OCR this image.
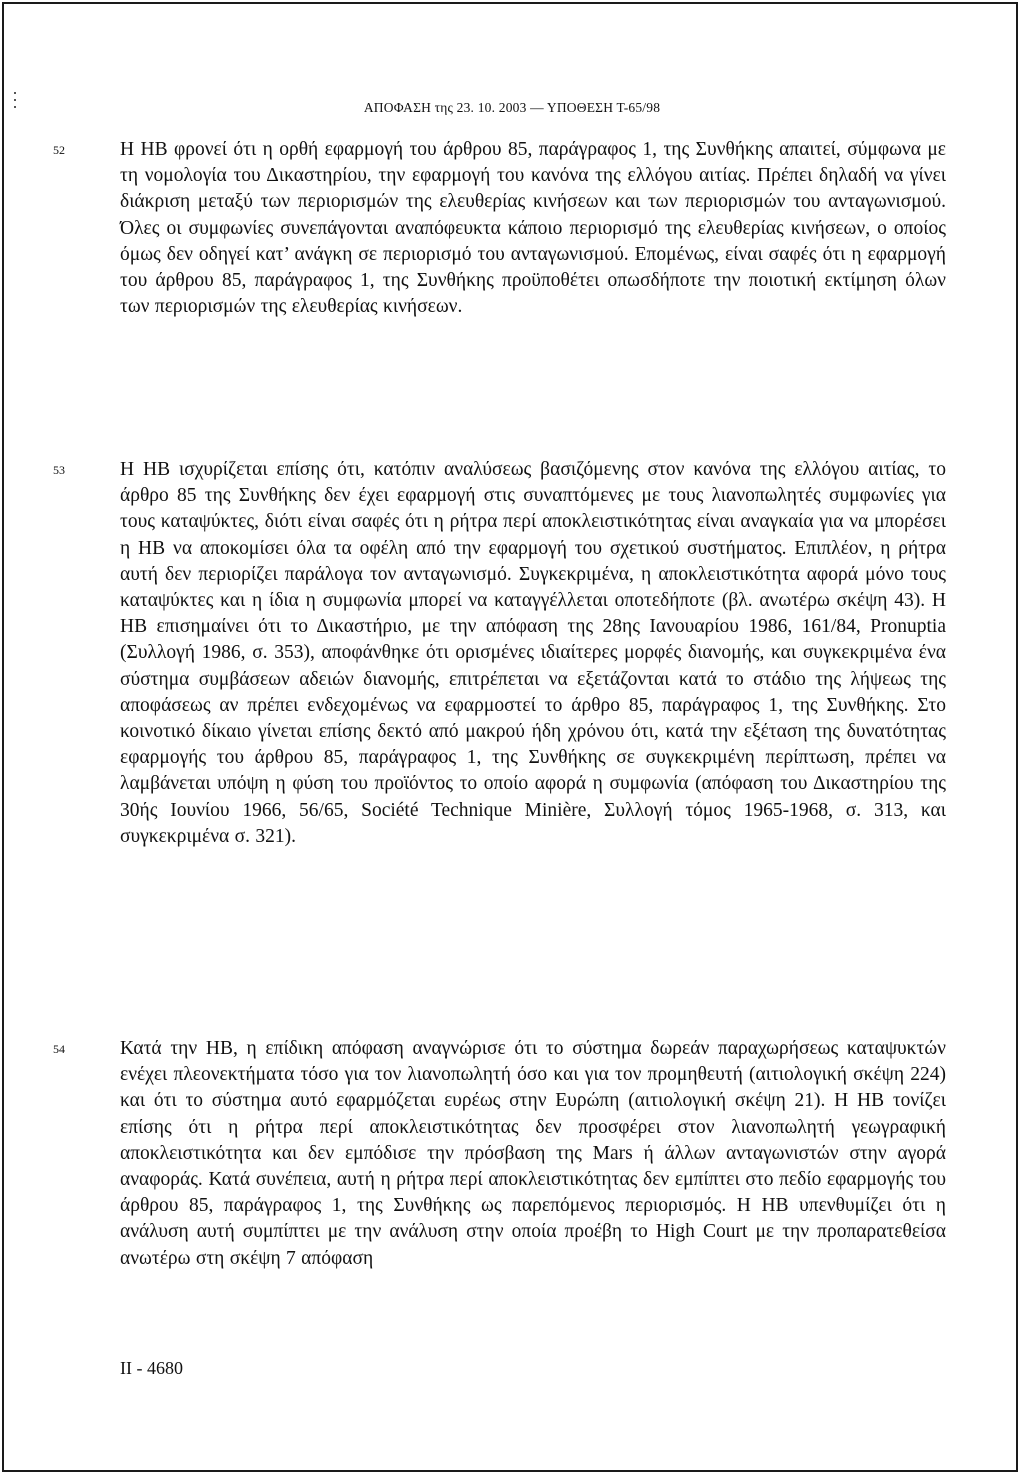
ΑΠΟΦΑΣΗ της 23. 10. 2003 — ΥΠΟΘΕΣΗ Τ-65/98
52	Η HB φρονεί ότι η ορθή εφαρμογή του άρθρου 85, παράγραφος 1, της Συνθήκης απαιτεί, σύμφωνα με τη νομολογία του Δικαστηρίου, την εφαρμογή του κανόνα της ελλόγου αιτίας. Πρέπει δηλαδή να γίνει διάκριση μεταξύ των περιορισμών της ελευθερίας κινήσεων και των περιορισμών του ανταγωνισμού. Όλες οι συμφωνίες συνεπάγονται αναπόφευκτα κάποιο περιορισμό της ελευθερίας κινήσεων, ο οποίος όμως δεν οδηγεί κατ’ ανάγκη σε περιορισμό του ανταγωνισμού. Επομένως, είναι σαφές ότι η εφαρμογή του άρθρου 85, παράγραφος 1, της Συνθήκης προϋποθέτει οπωσδήποτε την ποιοτική εκτίμηση όλων των περιορισμών της ελευθερίας κινήσεων.

53	Η HB ισχυρίζεται επίσης ότι, κατόπιν αναλύσεως βασιζόμενης στον κανόνα της ελλόγου αιτίας, το άρθρο 85 της Συνθήκης δεν έχει εφαρμογή στις συναπτόμενες με τους λιανοπωλητές συμφωνίες για τους καταψύκτες, διότι είναι σαφές ότι η ρήτρα περί αποκλειστικότητας είναι αναγκαία για να μπορέσει η HB να αποκομίσει όλα τα οφέλη από την εφαρμογή του σχετικού συστήματος. Επιπλέον, η ρήτρα αυτή δεν περιορίζει παράλογα τον ανταγωνισμό. Συγκεκριμένα, η αποκλειστικότητα αφορά μόνο τους καταψύκτες και η ίδια η συμφωνία μπορεί να καταγγέλλεται οποτεδήποτε (βλ. ανωτέρω σκέψη 43). Η HB επισημαίνει ότι το Δικαστήριο, με την απόφαση της 28ης Ιανουαρίου 1986, 161/84, Pronuptia (Συλλογή 1986, σ. 353), αποφάνθηκε ότι ορισμένες ιδιαίτερες μορφές διανομής, και συγκεκριμένα ένα σύστημα συμβάσεων αδειών διανομής, επιτρέπεται να εξετάζονται κατά το στάδιο της λήψεως της αποφάσεως αν πρέπει ενδεχομένως να εφαρμοστεί το άρθρο 85, παράγραφος 1, της Συνθήκης. Στο κοινοτικό δίκαιο γίνεται επίσης δεκτό από μακρού ήδη χρόνου ότι, κατά την εξέταση της δυνατότητας εφαρμογής του άρθρου 85, παράγραφος 1, της Συνθήκης σε συγκεκριμένη περίπτωση, πρέπει να λαμβάνεται υπόψη η φύση του προϊόντος το οποίο αφορά η συμφωνία (απόφαση του Δικαστηρίου της 30ής Ιουνίου 1966, 56/65, Société Technique Minière, Συλλογή τόμος 1965-1968, σ. 313, και συγκεκριμένα σ. 321).

54	Κατά την HB, η επίδικη απόφαση αναγνώρισε ότι το σύστημα δωρεάν παραχωρήσεως καταψυκτών ενέχει πλεονεκτήματα τόσο για τον λιανοπωλητή όσο και για τον προμηθευτή (αιτιολογική σκέψη 224) και ότι το σύστημα αυτό εφαρμόζεται ευρέως στην Ευρώπη (αιτιολογική σκέψη 21). Η HB τονίζει επίσης ότι η ρήτρα περί αποκλειστικότητας δεν προσφέρει στον λιανοπωλητή γεωγραφική αποκλειστικότητα και δεν εμπόδισε την πρόσβαση της Mars ή άλλων ανταγωνιστών στην αγορά αναφοράς. Κατά συνέπεια, αυτή η ρήτρα περί αποκλειστικότητας δεν εμπίπτει στο πεδίο εφαρμογής του άρθρου 85, παράγραφος 1, της Συνθήκης ως παρεπόμενος περιορισμός. Η HB υπενθυμίζει ότι η ανάλυση αυτή συμπίπτει με την ανάλυση στην οποία προέβη το High Court με την προπαρατεθείσα ανωτέρω στη σκέψη 7 απόφαση

II - 4680
